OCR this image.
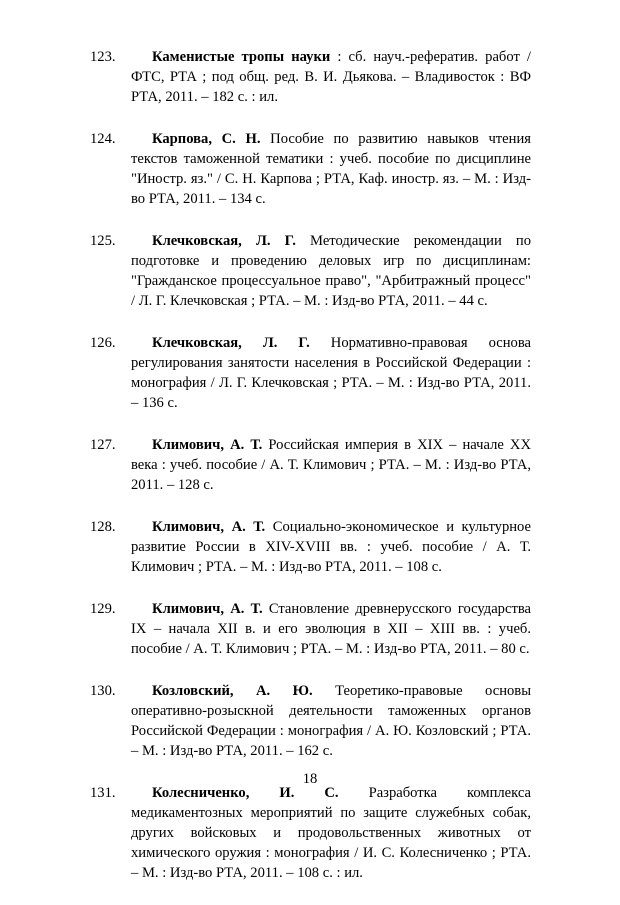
123.	Каменистые тропы науки : сб. науч.-рефератив. работ / ФТС, РТА ; под общ. ред. В. И. Дьякова. – Владивосток : ВФ РТА, 2011. – 182 с. : ил.
124.	Карпова, С. Н. Пособие по развитию навыков чтения текстов таможенной тематики : учеб. пособие по дисциплине "Иностр. яз." / С. Н. Карпова ; РТА, Каф. иностр. яз. – М. : Изд-во РТА, 2011. – 134 с.
125.	Клечковская, Л. Г. Методические рекомендации по подготовке и проведению деловых игр по дисциплинам: "Гражданское процессуальное право", "Арбитражный процесс" / Л. Г. Клечковская ; РТА. – М. : Изд-во РТА, 2011. – 44 с.
126.	Клечковская, Л. Г. Нормативно-правовая основа регулирования занятости населения в Российской Федерации : монография / Л. Г. Клечковская ; РТА. – М. : Изд-во РТА, 2011. – 136 с.
127.	Климович, А. Т. Российская империя в XIX – начале XX века : учеб. пособие / А. Т. Климович ; РТА. – М. : Изд-во РТА, 2011. – 128 с.
128.	Климович, А. Т. Социально-экономическое и культурное развитие России в XIV-XVIII вв. : учеб. пособие / А. Т. Климович ; РТА. – М. : Изд-во РТА, 2011. – 108 с.
129.	Климович, А. Т. Становление древнерусского государства IX – начала XII в. и его эволюция в XII – XIII вв. : учеб. пособие / А. Т. Климович ; РТА. – М. : Изд-во РТА, 2011. – 80 с.
130.	Козловский, А. Ю. Теоретико-правовые основы оперативно-розыскной деятельности таможенных органов Российской Федерации : монография / А. Ю. Козловский ; РТА. – М. : Изд-во РТА, 2011. – 162 с.
131.	Колесниченко, И. С. Разработка комплекса медикаментозных мероприятий по защите служебных собак, других войсковых и продовольственных животных от химического оружия : монография / И. С. Колесниченко ; РТА. – М. : Изд-во РТА, 2011. – 108 с. : ил.
18
